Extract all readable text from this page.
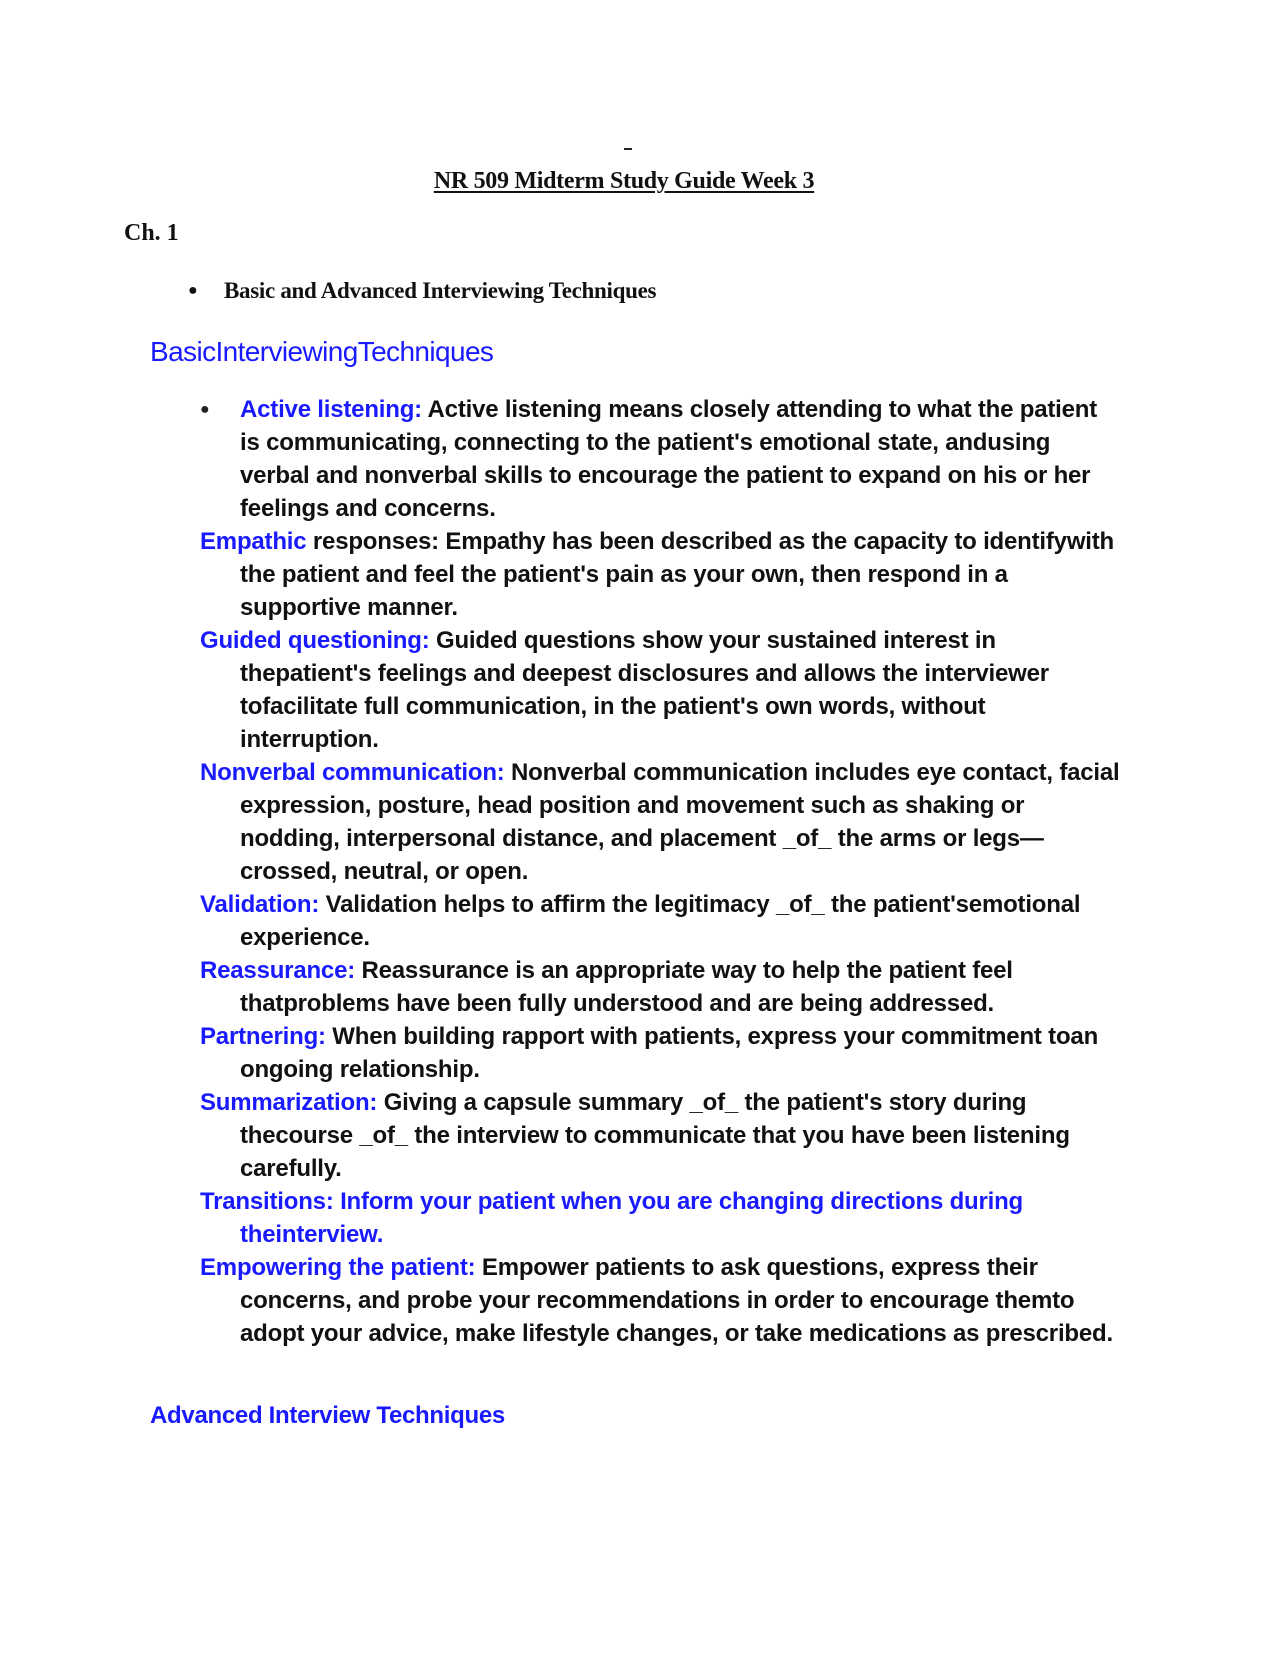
NR 509 Midterm Study Guide Week 3
Ch. 1
● Basic and Advanced Interviewing Techniques
BasicInterviewingTechniques
● Active listening: Active listening means closely attending to what the patient is communicating, connecting to the patient's emotional state, andusing verbal and nonverbal skills to encourage the patient to expand on his or her feelings and concerns.
Empathic responses: Empathy has been described as the capacity to identifywith the patient and feel the patient's pain as your own, then respond in a supportive manner.
Guided questioning: Guided questions show your sustained interest in thepatient's feelings and deepest disclosures and allows the interviewer tofacilitate full communication, in the patient's own words, without interruption.
Nonverbal communication: Nonverbal communication includes eye contact, facial expression, posture, head position and movement such as shaking or nodding, interpersonal distance, and placement _of_ the arms or legs— crossed, neutral, or open.
Validation: Validation helps to affirm the legitimacy _of_ the patient'semotional experience.
Reassurance: Reassurance is an appropriate way to help the patient feel thatproblems have been fully understood and are being addressed.
Partnering: When building rapport with patients, express your commitment toan ongoing relationship.
Summarization: Giving a capsule summary _of_ the patient's story during thecourse _of_ the interview to communicate that you have been listening carefully.
Transitions: Inform your patient when you are changing directions during theinterview.
Empowering the patient: Empower patients to ask questions, express their concerns, and probe your recommendations in order to encourage themto adopt your advice, make lifestyle changes, or take medications as prescribed.
Advanced Interview Techniques
